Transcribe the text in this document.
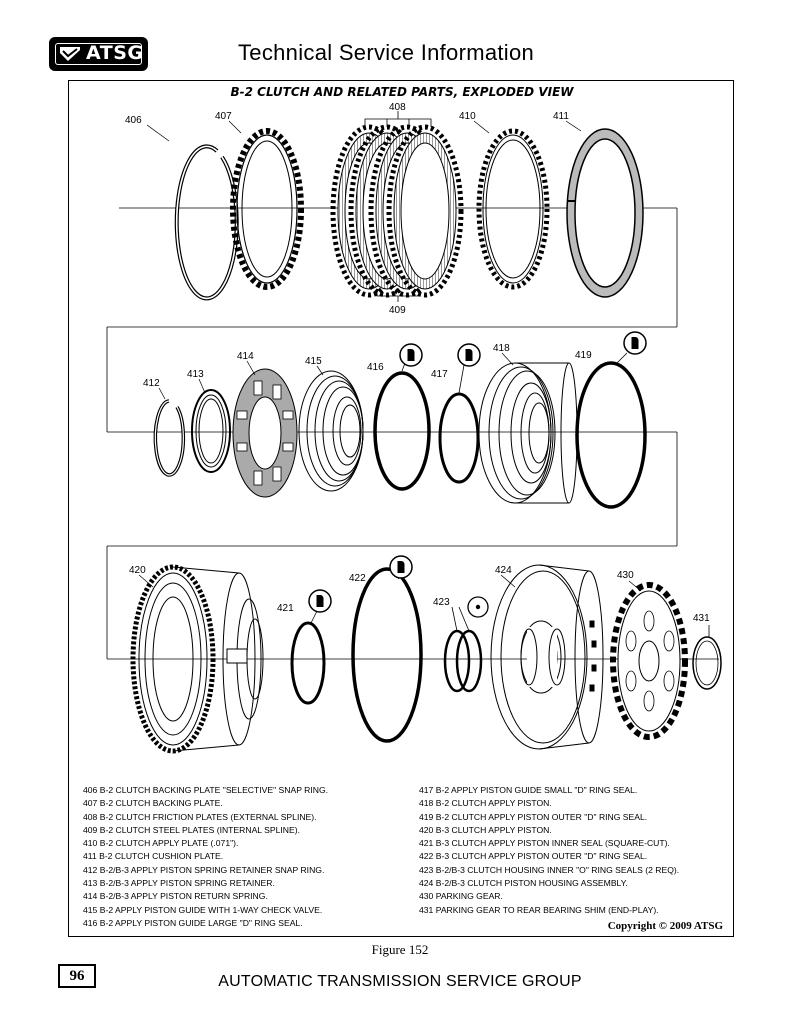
ATSG	Technical Service Information
B-2 CLUTCH AND RELATED PARTS, EXPLODED VIEW
406	407
408
409
410	411
412
413
414	415
416
417
418
419
420
421
422
423
424	430
431
406 B-2 CLUTCH BACKING PLATE "SELECTIVE" SNAP RING.
407 B-2 CLUTCH BACKING PLATE.
408 B-2 CLUTCH FRICTION PLATES (EXTERNAL SPLINE).
409 B-2 CLUTCH STEEL PLATES (INTERNAL SPLINE).
410 B-2 CLUTCH APPLY PLATE (.071").
411 B-2 CLUTCH CUSHION PLATE.
412 B-2/B-3 APPLY PISTON SPRING RETAINER SNAP RING.
413 B-2/B-3 APPLY PISTON SPRING RETAINER.
414 B-2/B-3 APPLY PISTON RETURN SPRING.
415 B-2 APPLY PISTON GUIDE WITH 1-WAY CHECK VALVE.
416 B-2 APPLY PISTON GUIDE LARGE "D" RING SEAL.
417 B-2 APPLY PISTON GUIDE SMALL "D" RING SEAL.
418 B-2 CLUTCH APPLY PISTON.
419 B-2 CLUTCH APPLY PISTON OUTER "D" RING SEAL.
420 B-3 CLUTCH APPLY PISTON.
421 B-3 CLUTCH APPLY PISTON INNER SEAL (SQUARE-CUT).
422 B-3 CLUTCH APPLY PISTON OUTER "D" RING SEAL.
423 B-2/B-3 CLUTCH HOUSING INNER "O" RING SEALS (2 REQ).
424 B-2/B-3 CLUTCH PISTON HOUSING ASSEMBLY.
430 PARKING GEAR.
431 PARKING GEAR TO REAR BEARING SHIM (END-PLAY).
Copyright © 2009 ATSG
Figure 152
96	AUTOMATIC TRANSMISSION SERVICE GROUP
